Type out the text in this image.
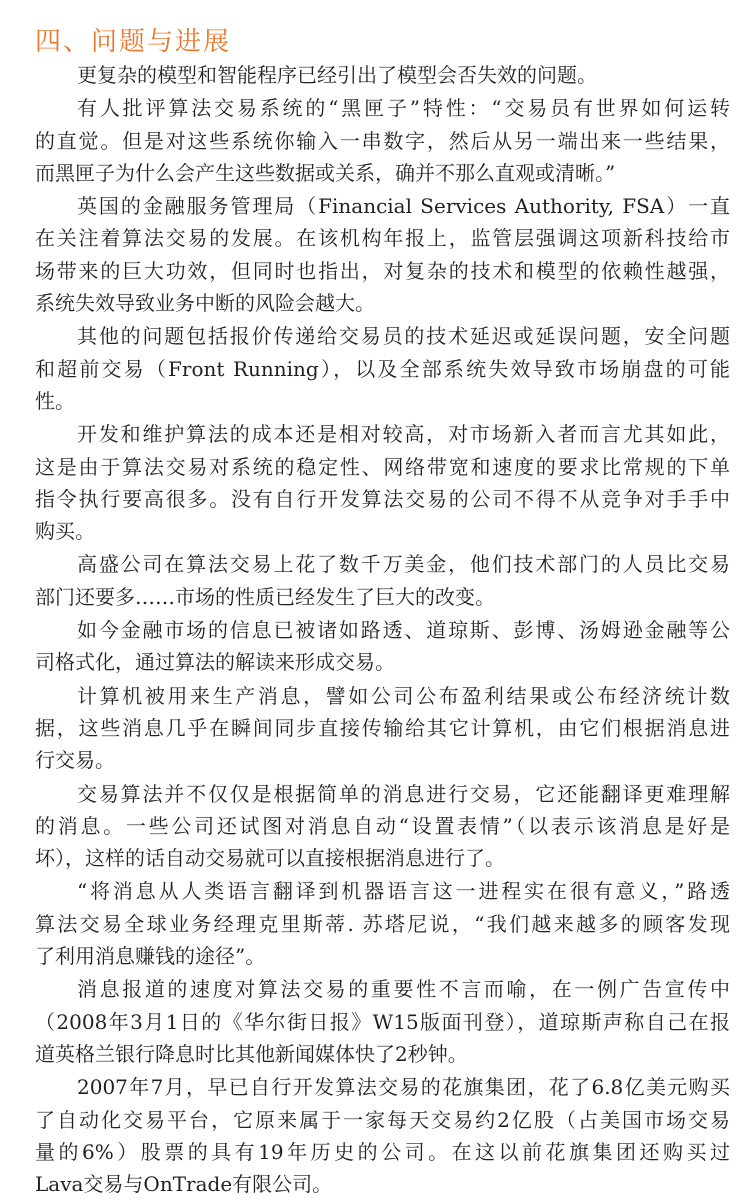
四、问题与进展

更复杂的模型和智能程序已经引出了模型会否失效的问题。

有人批评算法交易系统的“黑匣子”特性：“交易员有世界如何运转
的直觉。但是对这些系统你输入一串数字，然后从另一端出来一些结果，
而黑匣子为什么会产生这些数据或关系，确并不那么直观或清晰。”

英国的金融服务管理局（Financial Services Authority, FSA）一直
在关注着算法交易的发展。在该机构年报上，监管层强调这项新科技给市
场带来的巨大功效，但同时也指出，对复杂的技术和模型的依赖性越强，
系统失效导致业务中断的风险会越大。

其他的问题包括报价传递给交易员的技术延迟或延误问题，安全问题
和超前交易（Front Running），以及全部系统失效导致市场崩盘的可能
性。

开发和维护算法的成本还是相对较高，对市场新入者而言尤其如此，
这是由于算法交易对系统的稳定性、网络带宽和速度的要求比常规的下单
指令执行要高很多。没有自行开发算法交易的公司不得不从竞争对手手中
购买。

高盛公司在算法交易上花了数千万美金，他们技术部门的人员比交易
部门还要多……市场的性质已经发生了巨大的改变。

如今金融市场的信息已被诸如路透、道琼斯、彭博、汤姆逊金融等公
司格式化，通过算法的解读来形成交易。

计算机被用来生产消息，譬如公司公布盈利结果或公布经济统计数
据，这些消息几乎在瞬间同步直接传输给其它计算机，由它们根据消息进
行交易。

交易算法并不仅仅是根据简单的消息进行交易，它还能翻译更难理解
的消息。一些公司还试图对消息自动“设置表情”（以表示该消息是好是
坏），这样的话自动交易就可以直接根据消息进行了。

“将消息从人类语言翻译到机器语言这一进程实在很有意义，”路透
算法交易全球业务经理克里斯蒂. 苏塔尼说，“我们越来越多的顾客发现
了利用消息赚钱的途径”。

消息报道的速度对算法交易的重要性不言而喻，在一例广告宣传中
（2008年3月1日的《华尔街日报》W15版面刊登），道琼斯声称自己在报
道英格兰银行降息时比其他新闻媒体快了2秒钟。

2007年7月，早已自行开发算法交易的花旗集团，花了6.8亿美元购买
了自动化交易平台，它原来属于一家每天交易约2亿股（占美国市场交易
量的6%）股票的具有19年历史的公司。在这以前花旗集团还购买过
Lava交易与OnTrade有限公司。
